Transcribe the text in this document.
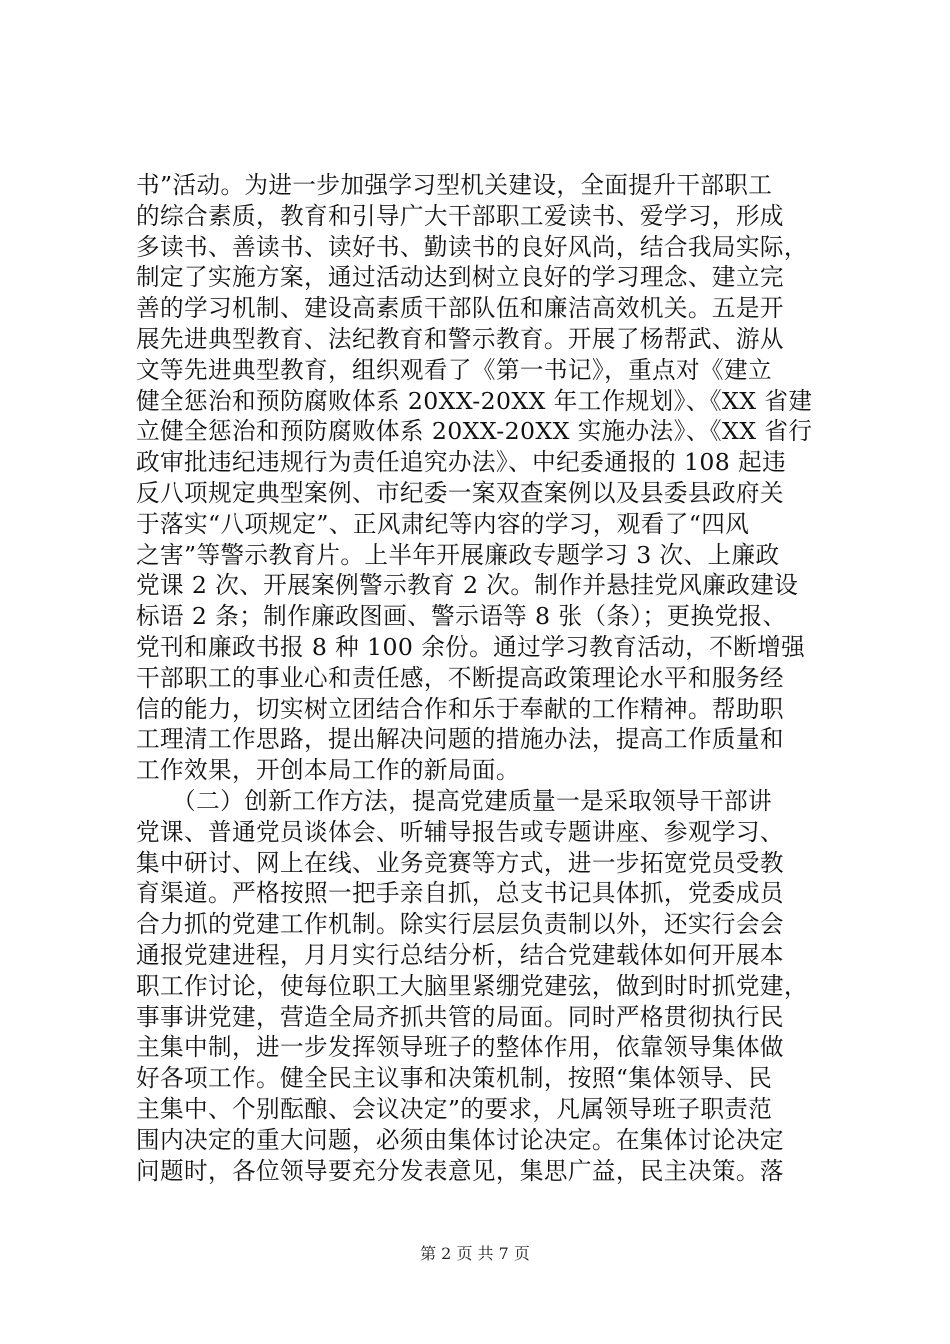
书”活动。为进一步加强学习型机关建设，全面提升干部职工
的综合素质，教育和引导广大干部职工爱读书、爱学习，形成
多读书、善读书、读好书、勤读书的良好风尚，结合我局实际，
制定了实施方案，通过活动达到树立良好的学习理念、建立完
善的学习机制、建设高素质干部队伍和廉洁高效机关。五是开
展先进典型教育、法纪教育和警示教育。开展了杨帮武、游从
文等先进典型教育，组织观看了《第一书记》，重点对《建立
健全惩治和预防腐败体系 20XX-20XX 年工作规划》、《XX 省建
立健全惩治和预防腐败体系 20XX-20XX 实施办法》、《XX 省行
政审批违纪违规行为责任追究办法》、中纪委通报的 108 起违
反八项规定典型案例、市纪委一案双查案例以及县委县政府关
于落实“八项规定”、正风肃纪等内容的学习，观看了“四风
之害”等警示教育片。上半年开展廉政专题学习 3 次、上廉政
党课 2 次、开展案例警示教育 2 次。制作并悬挂党风廉政建设
标语 2 条；制作廉政图画、警示语等 8 张（条）；更换党报、
党刊和廉政书报 8 种 100 余份。通过学习教育活动，不断增强
干部职工的事业心和责任感，不断提高政策理论水平和服务经
信的能力，切实树立团结合作和乐于奉献的工作精神。帮助职
工理清工作思路，提出解决问题的措施办法，提高工作质量和
工作效果，开创本局工作的新局面。
　　（二）创新工作方法，提高党建质量一是采取领导干部讲
党课、普通党员谈体会、听辅导报告或专题讲座、参观学习、
集中研讨、网上在线、业务竞赛等方式，进一步拓宽党员受教
育渠道。严格按照一把手亲自抓，总支书记具体抓，党委成员
合力抓的党建工作机制。除实行层层负责制以外，还实行会会
通报党建进程，月月实行总结分析，结合党建载体如何开展本
职工作讨论，使每位职工大脑里紧绷党建弦，做到时时抓党建，
事事讲党建，营造全局齐抓共管的局面。同时严格贯彻执行民
主集中制，进一步发挥领导班子的整体作用，依靠领导集体做
好各项工作。健全民主议事和决策机制，按照“集体领导、民
主集中、个别酝酿、会议决定”的要求，凡属领导班子职责范
围内决定的重大问题，必须由集体讨论决定。在集体讨论决定
问题时，各位领导要充分发表意见，集思广益，民主决策。落
第 2 页 共 7 页
